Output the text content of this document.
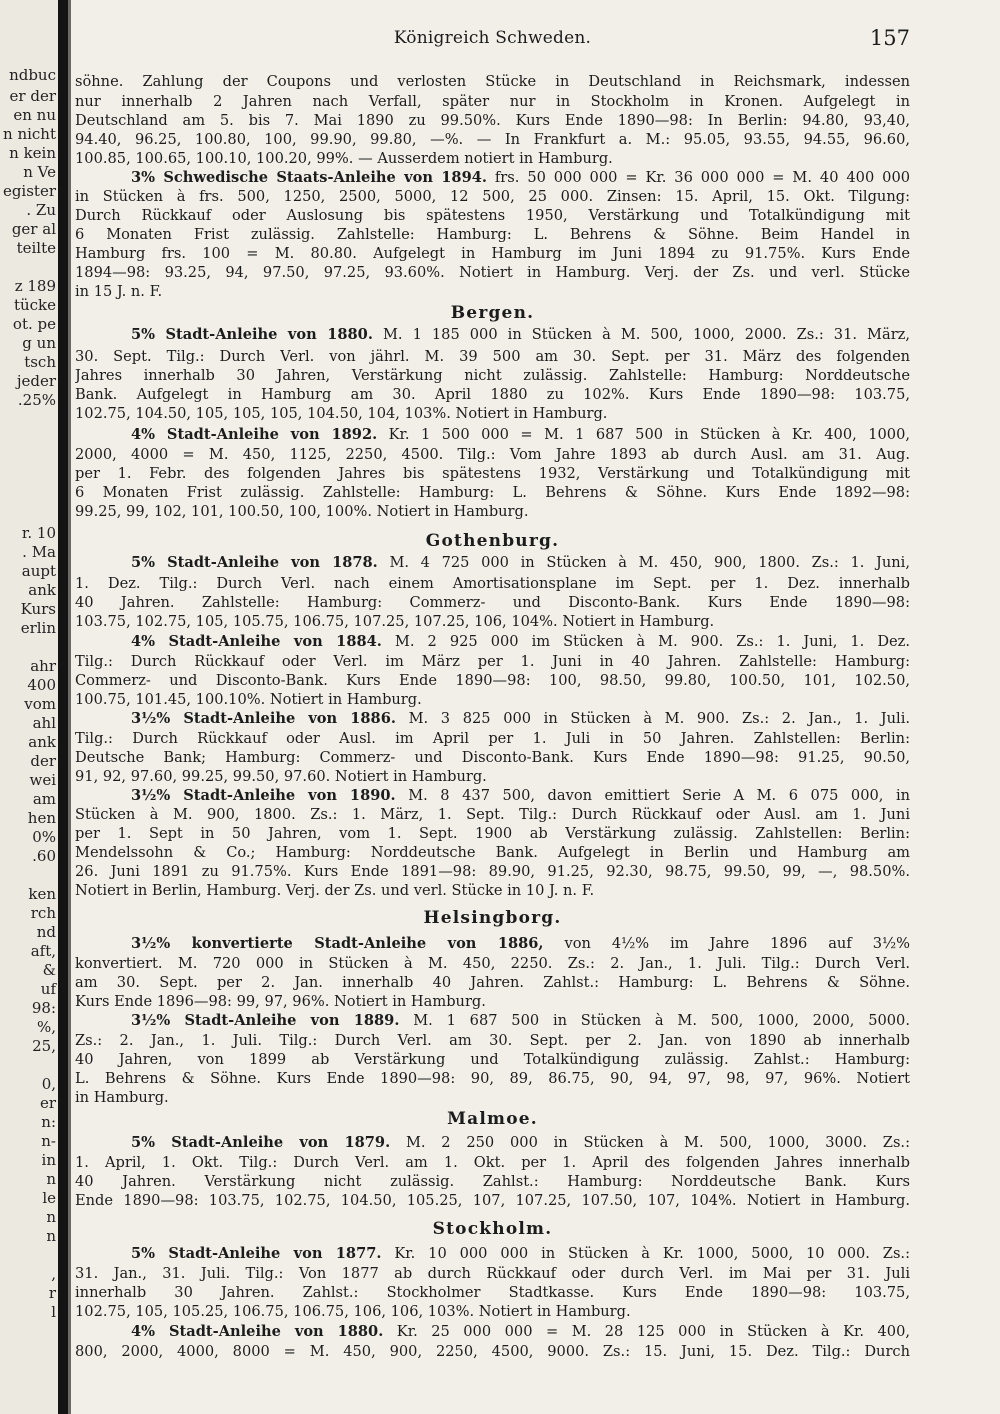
ndbuc
er der
en nu
n nicht
n kein
n Ve
egister
. Zu
ger al
teilte
z 189
tücke
ot. pe
g un
tsch
jeder
.25%
r. 10
. Ma
aupt
ank
Kurs
erlin
ahr
400
vom
ahl
ank
der
wei
am
hen
0%
.60
ken
rch
nd
aft,
&
uf
98:
%,
25,
0,
er
n:
n-
in
n
le
n
n
,
r
l
Königreich Schweden.	157
söhne. Zahlung der Coupons und verlosten Stücke in Deutschland in Reichsmark, indessen
nur innerhalb 2 Jahren nach Verfall, später nur in Stockholm in Kronen. Aufgelegt in
Deutschland am 5. bis 7. Mai 1890 zu 99.50%. Kurs Ende 1890—98: In Berlin: 94.80, 93,40,
94.40, 96.25, 100.80, 100, 99.90, 99.80, —%. — In Frankfurt a. M.: 95.05, 93.55, 94.55, 96.60,
100.85, 100.65, 100.10, 100.20, 99%. — Ausserdem notiert in Hamburg.
3% Schwedische Staats-Anleihe von 1894. frs. 50 000 000 = Kr. 36 000 000 = M. 40 400 000
in Stücken à frs. 500, 1250, 2500, 5000, 12 500, 25 000. Zinsen: 15. April, 15. Okt. Tilgung:
Durch Rückkauf oder Auslosung bis spätestens 1950, Verstärkung und Totalkündigung mit
6 Monaten Frist zulässig. Zahlstelle: Hamburg: L. Behrens & Söhne. Beim Handel in
Hamburg frs. 100 = M. 80.80. Aufgelegt in Hamburg im Juni 1894 zu 91.75%. Kurs Ende
1894—98: 93.25, 94, 97.50, 97.25, 93.60%. Notiert in Hamburg. Verj. der Zs. und verl. Stücke
in 15 J. n. F.
Bergen.
5% Stadt-Anleihe von 1880. M. 1 185 000 in Stücken à M. 500, 1000, 2000. Zs.: 31. März,
30. Sept. Tilg.: Durch Verl. von jährl. M. 39 500 am 30. Sept. per 31. März des folgenden
Jahres innerhalb 30 Jahren, Verstärkung nicht zulässig. Zahlstelle: Hamburg: Norddeutsche
Bank. Aufgelegt in Hamburg am 30. April 1880 zu 102%. Kurs Ende 1890—98: 103.75,
102.75, 104.50, 105, 105, 105, 104.50, 104, 103%. Notiert in Hamburg.
4% Stadt-Anleihe von 1892. Kr. 1 500 000 = M. 1 687 500 in Stücken à Kr. 400, 1000,
2000, 4000 = M. 450, 1125, 2250, 4500. Tilg.: Vom Jahre 1893 ab durch Ausl. am 31. Aug.
per 1. Febr. des folgenden Jahres bis spätestens 1932, Verstärkung und Totalkündigung mit
6 Monaten Frist zulässig. Zahlstelle: Hamburg: L. Behrens & Söhne. Kurs Ende 1892—98:
99.25, 99, 102, 101, 100.50, 100, 100%. Notiert in Hamburg.
Gothenburg.
5% Stadt-Anleihe von 1878. M. 4 725 000 in Stücken à M. 450, 900, 1800. Zs.: 1. Juni,
1. Dez. Tilg.: Durch Verl. nach einem Amortisationsplane im Sept. per 1. Dez. innerhalb
40 Jahren. Zahlstelle: Hamburg: Commerz- und Disconto-Bank. Kurs Ende 1890—98:
103.75, 102.75, 105, 105.75, 106.75, 107.25, 107.25, 106, 104%. Notiert in Hamburg.
4% Stadt-Anleihe von 1884. M. 2 925 000 im Stücken à M. 900. Zs.: 1. Juni, 1. Dez.
Tilg.: Durch Rückkauf oder Verl. im März per 1. Juni in 40 Jahren. Zahlstelle: Hamburg:
Commerz- und Disconto-Bank. Kurs Ende 1890—98: 100, 98.50, 99.80, 100.50, 101, 102.50,
100.75, 101.45, 100.10%. Notiert in Hamburg.
3½% Stadt-Anleihe von 1886. M. 3 825 000 in Stücken à M. 900. Zs.: 2. Jan., 1. Juli.
Tilg.: Durch Rückkauf oder Ausl. im April per 1. Juli in 50 Jahren. Zahlstellen: Berlin:
Deutsche Bank; Hamburg: Commerz- und Disconto-Bank. Kurs Ende 1890—98: 91.25, 90.50,
91, 92, 97.60, 99.25, 99.50, 97.60. Notiert in Hamburg.
3½% Stadt-Anleihe von 1890. M. 8 437 500, davon emittiert Serie A M. 6 075 000, in
Stücken à M. 900, 1800. Zs.: 1. März, 1. Sept. Tilg.: Durch Rückkauf oder Ausl. am 1. Juni
per 1. Sept in 50 Jahren, vom 1. Sept. 1900 ab Verstärkung zulässig. Zahlstellen: Berlin:
Mendelssohn & Co.; Hamburg: Norddeutsche Bank. Aufgelegt in Berlin und Hamburg am
26. Juni 1891 zu 91.75%. Kurs Ende 1891—98: 89.90, 91.25, 92.30, 98.75, 99.50, 99, —, 98.50%.
Notiert in Berlin, Hamburg. Verj. der Zs. und verl. Stücke in 10 J. n. F.
Helsingborg.
3½% konvertierte Stadt-Anleihe von 1886, von 4½% im Jahre 1896 auf 3½%
konvertiert. M. 720 000 in Stücken à M. 450, 2250. Zs.: 2. Jan., 1. Juli. Tilg.: Durch Verl.
am 30. Sept. per 2. Jan. innerhalb 40 Jahren. Zahlst.: Hamburg: L. Behrens & Söhne.
Kurs Ende 1896—98: 99, 97, 96%. Notiert in Hamburg.
3½% Stadt-Anleihe von 1889. M. 1 687 500 in Stücken à M. 500, 1000, 2000, 5000.
Zs.: 2. Jan., 1. Juli. Tilg.: Durch Verl. am 30. Sept. per 2. Jan. von 1890 ab innerhalb
40 Jahren, von 1899 ab Verstärkung und Totalkündigung zulässig. Zahlst.: Hamburg:
L. Behrens & Söhne. Kurs Ende 1890—98: 90, 89, 86.75, 90, 94, 97, 98, 97, 96%. Notiert
in Hamburg.
Malmoe.
5% Stadt-Anleihe von 1879. M. 2 250 000 in Stücken à M. 500, 1000, 3000. Zs.:
1. April, 1. Okt. Tilg.: Durch Verl. am 1. Okt. per 1. April des folgenden Jahres innerhalb
40 Jahren. Verstärkung nicht zulässig. Zahlst.: Hamburg: Norddeutsche Bank. Kurs
Ende 1890—98: 103.75, 102.75, 104.50, 105.25, 107, 107.25, 107.50, 107, 104%. Notiert in Hamburg.
Stockholm.
5% Stadt-Anleihe von 1877. Kr. 10 000 000 in Stücken à Kr. 1000, 5000, 10 000. Zs.:
31. Jan., 31. Juli. Tilg.: Von 1877 ab durch Rückkauf oder durch Verl. im Mai per 31. Juli
innerhalb 30 Jahren. Zahlst.: Stockholmer Stadtkasse. Kurs Ende 1890—98: 103.75,
102.75, 105, 105.25, 106.75, 106.75, 106, 106, 103%. Notiert in Hamburg.
4% Stadt-Anleihe von 1880. Kr. 25 000 000 = M. 28 125 000 in Stücken à Kr. 400,
800, 2000, 4000, 8000 = M. 450, 900, 2250, 4500, 9000. Zs.: 15. Juni, 15. Dez. Tilg.: Durch
